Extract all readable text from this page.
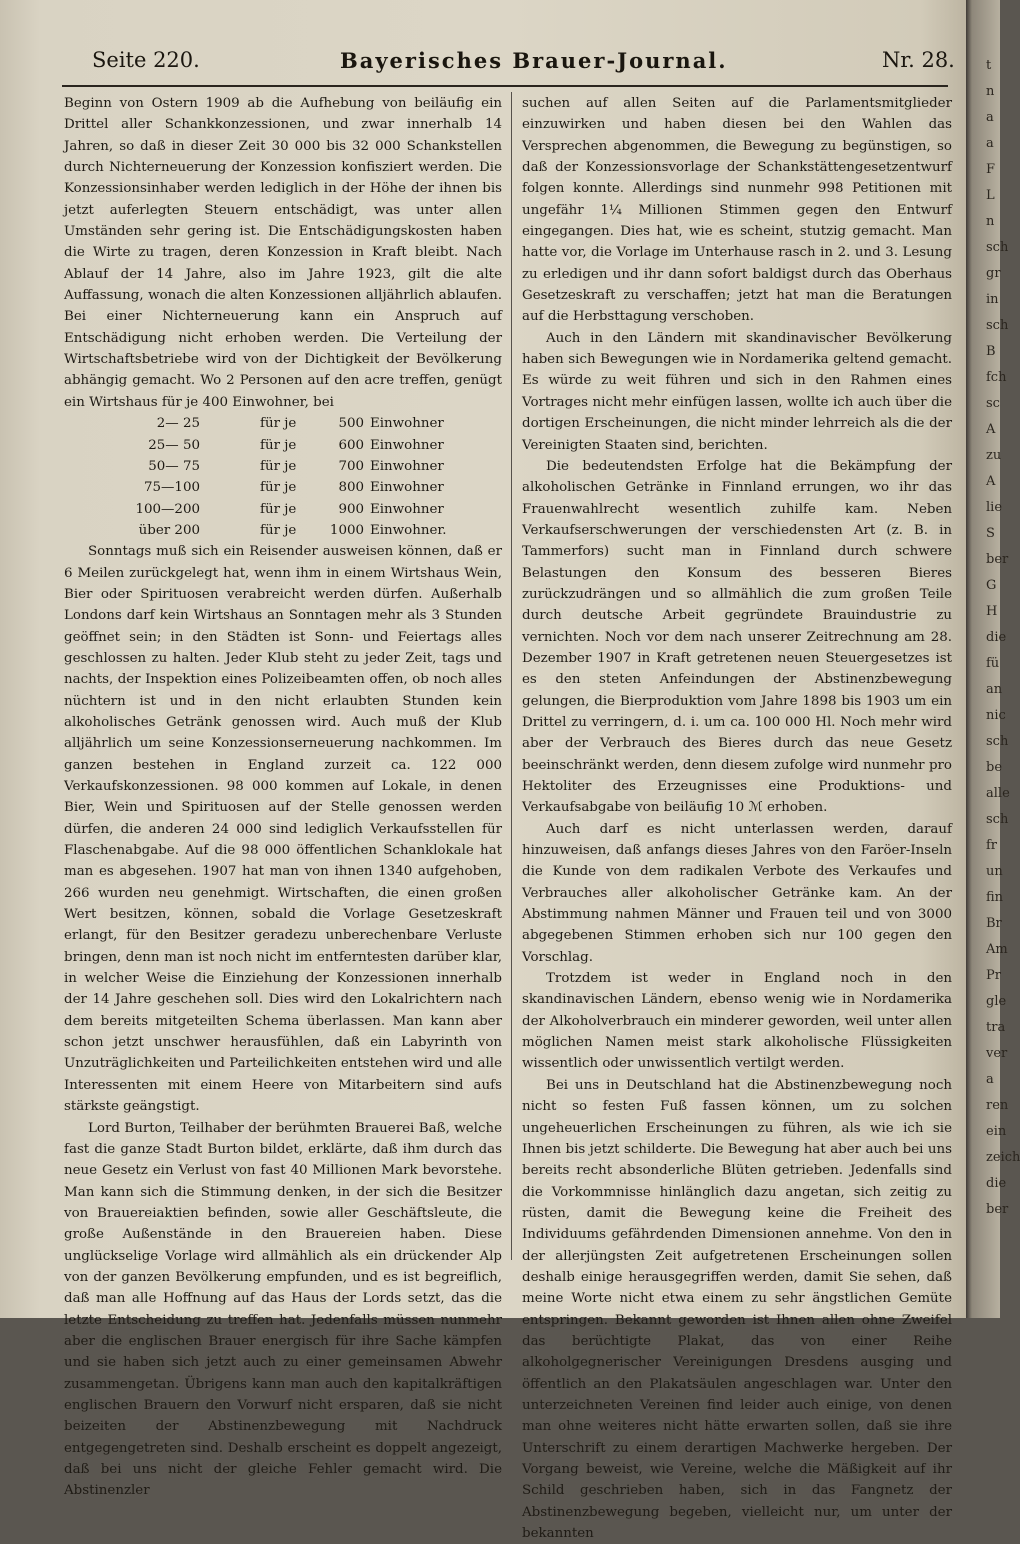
Seite 220.	Bayerisches Brauer-Journal.	Nr. 28.

Beginn von Ostern 1909 ab die Aufhebung von beiläufig ein Drittel aller Schankkonzessionen, und zwar innerhalb 14 Jahren, so daß in dieser Zeit 30 000 bis 32 000 Schankstellen durch Nichterneuerung der Konzession konfisziert werden. Die Konzessionsinhaber werden lediglich in der Höhe der ihnen bis jetzt auferlegten Steuern entschädigt, was unter allen Umständen sehr gering ist. Die Entschädigungskosten haben die Wirte zu tragen, deren Konzession in Kraft bleibt. Nach Ablauf der 14 Jahre, also im Jahre 1923, gilt die alte Auffassung, wonach die alten Konzessionen alljährlich ablaufen. Bei einer Nichterneuerung kann ein Anspruch auf Entschädigung nicht erhoben werden. Die Verteilung der Wirtschaftsbetriebe wird von der Dichtigkeit der Bevölkerung abhängig gemacht. Wo 2 Personen auf den acre treffen, genügt ein Wirtshaus für je 400 Einwohner, bei

2— 25	für je	500	Einwohner
25— 50	für je	600	Einwohner
50— 75	für je	700	Einwohner
75—100	für je	800	Einwohner
100—200	für je	900	Einwohner
über 200	für je	1000	Einwohner.

Sonntags muß sich ein Reisender ausweisen können, daß er 6 Meilen zurückgelegt hat, wenn ihm in einem Wirtshaus Wein, Bier oder Spirituosen verabreicht werden dürfen. Außerhalb Londons darf kein Wirtshaus an Sonntagen mehr als 3 Stunden geöffnet sein; in den Städten ist Sonn- und Feiertags alles geschlossen zu halten. Jeder Klub steht zu jeder Zeit, tags und nachts, der Inspektion eines Polizeibeamten offen, ob noch alles nüchtern ist und in den nicht erlaubten Stunden kein alkoholisches Getränk genossen wird. Auch muß der Klub alljährlich um seine Konzessionserneuerung nachkommen. Im ganzen bestehen in England zurzeit ca. 122 000 Verkaufskonzessionen. 98 000 kommen auf Lokale, in denen Bier, Wein und Spirituosen auf der Stelle genossen werden dürfen, die anderen 24 000 sind lediglich Verkaufsstellen für Flaschenabgabe. Auf die 98 000 öffentlichen Schanklokale hat man es abgesehen. 1907 hat man von ihnen 1340 aufgehoben, 266 wurden neu genehmigt. Wirtschaften, die einen großen Wert besitzen, können, sobald die Vorlage Gesetzeskraft erlangt, für den Besitzer geradezu unberechenbare Verluste bringen, denn man ist noch nicht im entferntesten darüber klar, in welcher Weise die Einziehung der Konzessionen innerhalb der 14 Jahre geschehen soll. Dies wird den Lokalrichtern nach dem bereits mitgeteilten Schema überlassen. Man kann aber schon jetzt unschwer herausfühlen, daß ein Labyrinth von Unzuträglichkeiten und Parteilichkeiten entstehen wird und alle Interessenten mit einem Heere von Mitarbeitern sind aufs stärkste geängstigt.

Lord Burton, Teilhaber der berühmten Brauerei Baß, welche fast die ganze Stadt Burton bildet, erklärte, daß ihm durch das neue Gesetz ein Verlust von fast 40 Millionen Mark bevorstehe. Man kann sich die Stimmung denken, in der sich die Besitzer von Brauereiaktien befinden, sowie aller Geschäftsleute, die große Außenstände in den Brauereien haben. Diese unglückselige Vorlage wird allmählich als ein drückender Alp von der ganzen Bevölkerung empfunden, und es ist begreiflich, daß man alle Hoffnung auf das Haus der Lords setzt, das die letzte Entscheidung zu treffen hat. Jedenfalls müssen nunmehr aber die englischen Brauer energisch für ihre Sache kämpfen und sie haben sich jetzt auch zu einer gemeinsamen Abwehr zusammengetan. Übrigens kann man auch den kapitalkräftigen englischen Brauern den Vorwurf nicht ersparen, daß sie nicht beizeiten der Abstinenzbewegung mit Nachdruck entgegengetreten sind. Deshalb erscheint es doppelt angezeigt, daß bei uns nicht der gleiche Fehler gemacht wird. Die Abstinenzler

suchen auf allen Seiten auf die Parlamentsmitglieder einzuwirken und haben diesen bei den Wahlen das Versprechen abgenommen, die Bewegung zu begünstigen, so daß der Konzessionsvorlage der Schankstättengesetzentwurf folgen konnte. Allerdings sind nunmehr 998 Petitionen mit ungefähr 1¼ Millionen Stimmen gegen den Entwurf eingegangen. Dies hat, wie es scheint, stutzig gemacht. Man hatte vor, die Vorlage im Unterhause rasch in 2. und 3. Lesung zu erledigen und ihr dann sofort baldigst durch das Oberhaus Gesetzeskraft zu verschaffen; jetzt hat man die Beratungen auf die Herbsttagung verschoben.

Auch in den Ländern mit skandinavischer Bevölkerung haben sich Bewegungen wie in Nordamerika geltend gemacht. Es würde zu weit führen und sich in den Rahmen eines Vortrages nicht mehr einfügen lassen, wollte ich auch über die dortigen Erscheinungen, die nicht minder lehrreich als die der Vereinigten Staaten sind, berichten.

Die bedeutendsten Erfolge hat die Bekämpfung der alkoholischen Getränke in Finnland errungen, wo ihr das Frauenwahlrecht wesentlich zuhilfe kam. Neben Verkaufserschwerungen der verschiedensten Art (z. B. in Tammerfors) sucht man in Finnland durch schwere Belastungen den Konsum des besseren Bieres zurückzudrängen und so allmählich die zum großen Teile durch deutsche Arbeit gegründete Brauindustrie zu vernichten. Noch vor dem nach unserer Zeitrechnung am 28. Dezember 1907 in Kraft getretenen neuen Steuergesetzes ist es den steten Anfeindungen der Abstinenzbewegung gelungen, die Bierproduktion vom Jahre 1898 bis 1903 um ein Drittel zu verringern, d. i. um ca. 100 000 Hl. Noch mehr wird aber der Verbrauch des Bieres durch das neue Gesetz beeinschränkt werden, denn diesem zufolge wird nunmehr pro Hektoliter des Erzeugnisses eine Produktions- und Verkaufsabgabe von beiläufig 10 ℳ erhoben.

Auch darf es nicht unterlassen werden, darauf hinzuweisen, daß anfangs dieses Jahres von den Faröer-Inseln die Kunde von dem radikalen Verbote des Verkaufes und Verbrauches aller alkoholischer Getränke kam. An der Abstimmung nahmen Männer und Frauen teil und von 3000 abgegebenen Stimmen erhoben sich nur 100 gegen den Vorschlag.

Trotzdem ist weder in England noch in den skandinavischen Ländern, ebenso wenig wie in Nordamerika der Alkoholverbrauch ein minderer geworden, weil unter allen möglichen Namen meist stark alkoholische Flüssigkeiten wissentlich oder unwissentlich vertilgt werden.

Bei uns in Deutschland hat die Abstinenzbewegung noch nicht so festen Fuß fassen können, um zu solchen ungeheuerlichen Erscheinungen zu führen, als wie ich sie Ihnen bis jetzt schilderte. Die Bewegung hat aber auch bei uns bereits recht absonderliche Blüten getrieben. Jedenfalls sind die Vorkommnisse hinlänglich dazu angetan, sich zeitig zu rüsten, damit die Bewegung keine die Freiheit des Individuums gefährdenden Dimensionen annehme. Von den in der allerjüngsten Zeit aufgetretenen Erscheinungen sollen deshalb einige herausgegriffen werden, damit Sie sehen, daß meine Worte nicht etwa einem zu sehr ängstlichen Gemüte entspringen. Bekannt geworden ist Ihnen allen ohne Zweifel das berüchtigte Plakat, das von einer Reihe alkoholgegnerischer Vereinigungen Dresdens ausging und öffentlich an den Plakatsäulen angeschlagen war. Unter den unterzeichneten Vereinen find leider auch einige, von denen man ohne weiteres nicht hätte erwarten sollen, daß sie ihre Unterschrift zu einem derartigen Machwerke hergeben. Der Vorgang beweist, wie Vereine, welche die Mäßigkeit auf ihr Schild geschrieben haben, sich in das Fangnetz der Abstinenzbewegung begeben, vielleicht nur, um unter der bekannten

t
n
a
a
F
L
n
sch
gr
in
sch
B
fch
sc
A
zu
A
lie
S
ber
G
H
die
fü
an
nic
sch
be
alle
sch
fr
un
fin
Br
Am
Pr
gle
tra
ver
a
ren
ein
zeich
die
ber
